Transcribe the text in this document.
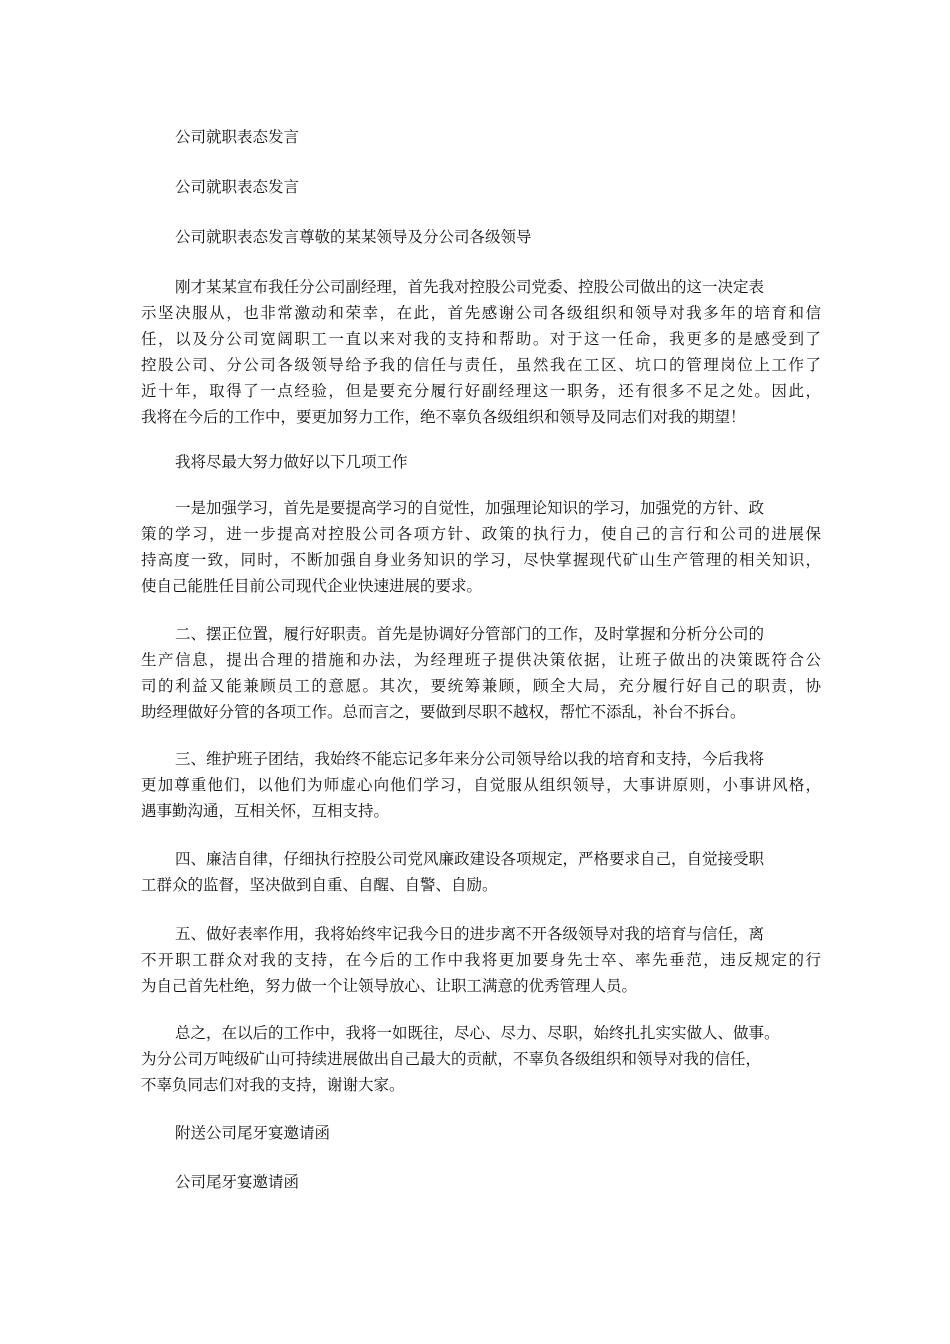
公司就职表态发言
公司就职表态发言
公司就职表态发言尊敬的某某领导及分公司各级领导
刚才某某宣布我任分公司副经理，首先我对控股公司党委、控股公司做出的这一决定表
示坚决服从，也非常激动和荣幸，在此，首先感谢公司各级组织和领导对我多年的培育和信
任，以及分公司宽阔职工一直以来对我的支持和帮助。对于这一任命，我更多的是感受到了
控股公司、分公司各级领导给予我的信任与责任，虽然我在工区、坑口的管理岗位上工作了
近十年，取得了一点经验，但是要充分履行好副经理这一职务，还有很多不足之处。因此，
我将在今后的工作中，要更加努力工作，绝不辜负各级组织和领导及同志们对我的期望！
我将尽最大努力做好以下几项工作
一是加强学习，首先是要提高学习的自觉性，加强理论知识的学习，加强党的方针、政
策的学习，进一步提高对控股公司各项方针、政策的执行力，使自己的言行和公司的进展保
持高度一致，同时，不断加强自身业务知识的学习，尽快掌握现代矿山生产管理的相关知识，
使自己能胜任目前公司现代企业快速进展的要求。
二、摆正位置，履行好职责。首先是协调好分管部门的工作，及时掌握和分析分公司的
生产信息，提出合理的措施和办法，为经理班子提供决策依据，让班子做出的决策既符合公
司的利益又能兼顾员工的意愿。其次，要统筹兼顾，顾全大局，充分履行好自己的职责，协
助经理做好分管的各项工作。总而言之，要做到尽职不越权，帮忙不添乱，补台不拆台。
三、维护班子团结，我始终不能忘记多年来分公司领导给以我的培育和支持，今后我将
更加尊重他们，以他们为师虚心向他们学习，自觉服从组织领导，大事讲原则，小事讲风格，
遇事勤沟通，互相关怀，互相支持。
四、廉洁自律，仔细执行控股公司党风廉政建设各项规定，严格要求自己，自觉接受职
工群众的监督，坚决做到自重、自醒、自警、自励。
五、做好表率作用，我将始终牢记我今日的进步离不开各级领导对我的培育与信任，离
不开职工群众对我的支持，在今后的工作中我将更加要身先士卒、率先垂范，违反规定的行
为自己首先杜绝，努力做一个让领导放心、让职工满意的优秀管理人员。
总之，在以后的工作中，我将一如既往，尽心、尽力、尽职，始终扎扎实实做人、做事。
为分公司万吨级矿山可持续进展做出自己最大的贡献，不辜负各级组织和领导对我的信任，
不辜负同志们对我的支持，谢谢大家。
附送公司尾牙宴邀请函
公司尾牙宴邀请函
